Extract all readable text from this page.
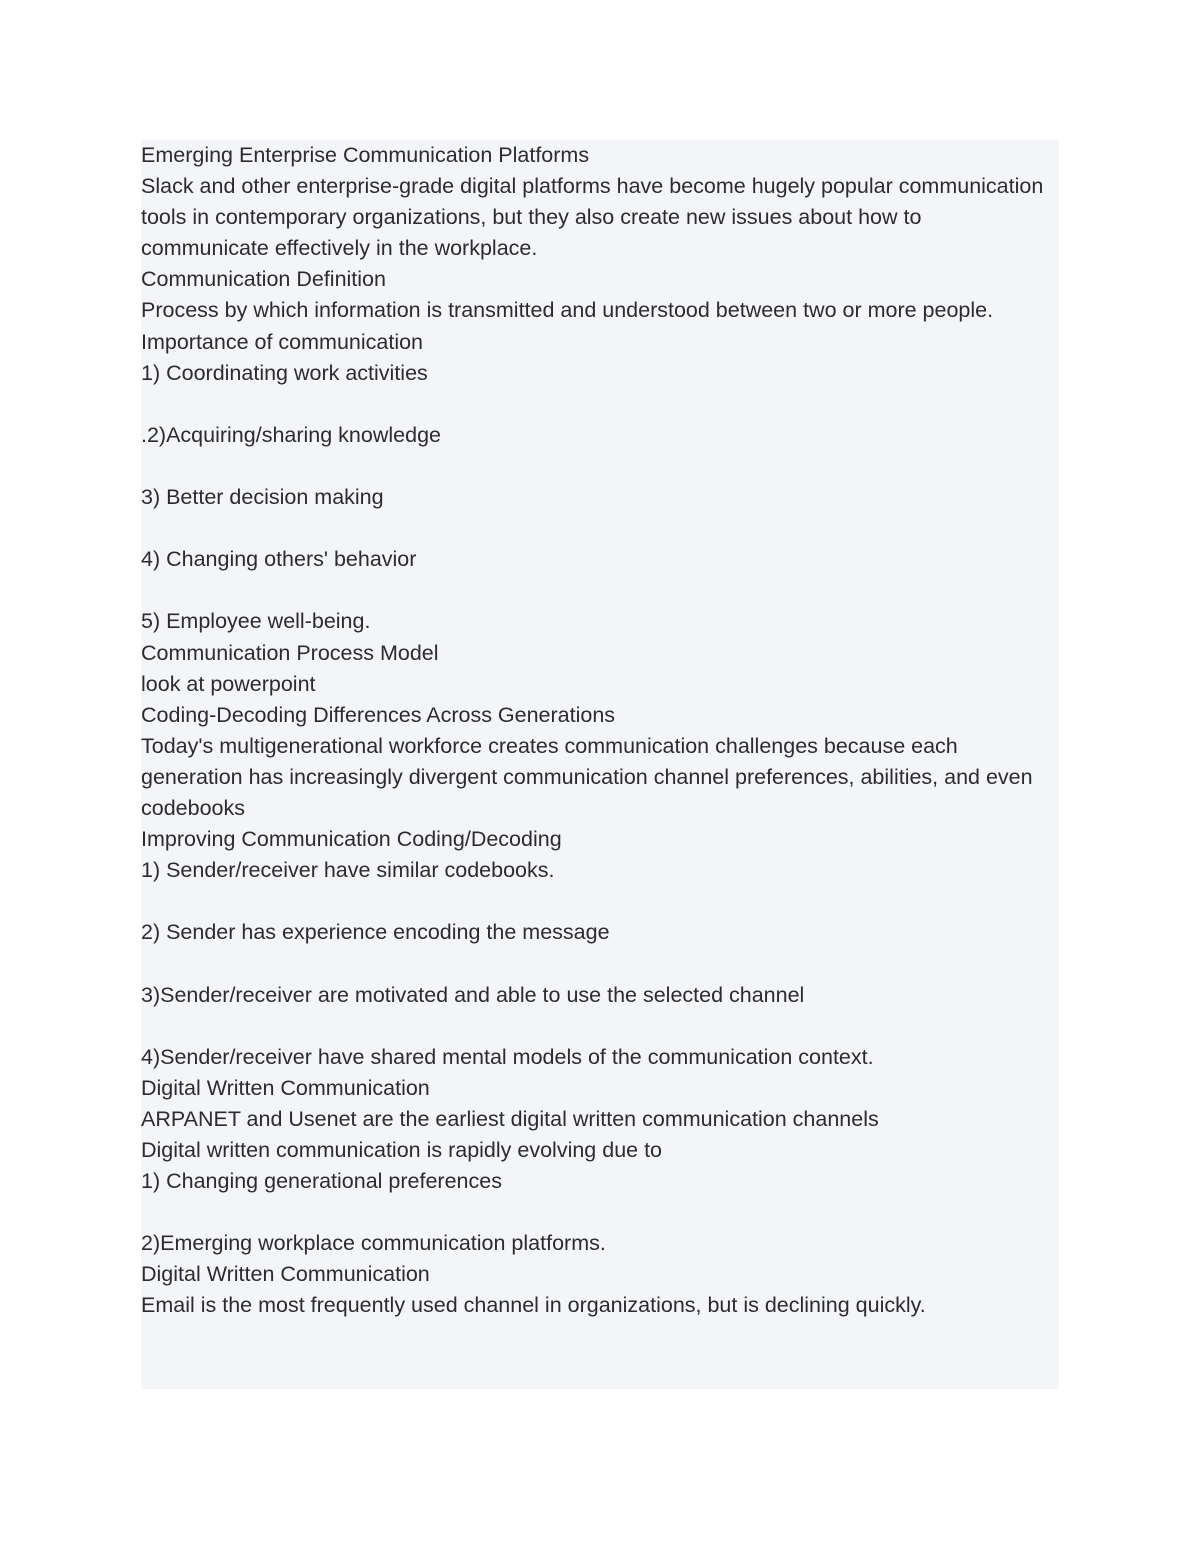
Emerging Enterprise Communication Platforms
Slack and other enterprise-grade digital platforms have become hugely popular communication tools in contemporary organizations, but they also create new issues about how to communicate effectively in the workplace.
Communication Definition
Process by which information is transmitted and understood between two or more people.
Importance of communication
1) Coordinating work activities
.2)Acquiring/sharing knowledge
3) Better decision making
4) Changing others' behavior
5) Employee well-being.
Communication Process Model
look at powerpoint
Coding-Decoding Differences Across Generations
Today's multigenerational workforce creates communication challenges because each generation has increasingly divergent communication channel preferences, abilities, and even codebooks
Improving Communication Coding/Decoding
1) Sender/receiver have similar codebooks.
2) Sender has experience encoding the message
3)Sender/receiver are motivated and able to use the selected channel
4)Sender/receiver have shared mental models of the communication context.
Digital Written Communication
ARPANET and Usenet are the earliest digital written communication channels
Digital written communication is rapidly evolving due to
1) Changing generational preferences
2)Emerging workplace communication platforms.
Digital Written Communication
Email is the most frequently used channel in organizations, but is declining quickly.
